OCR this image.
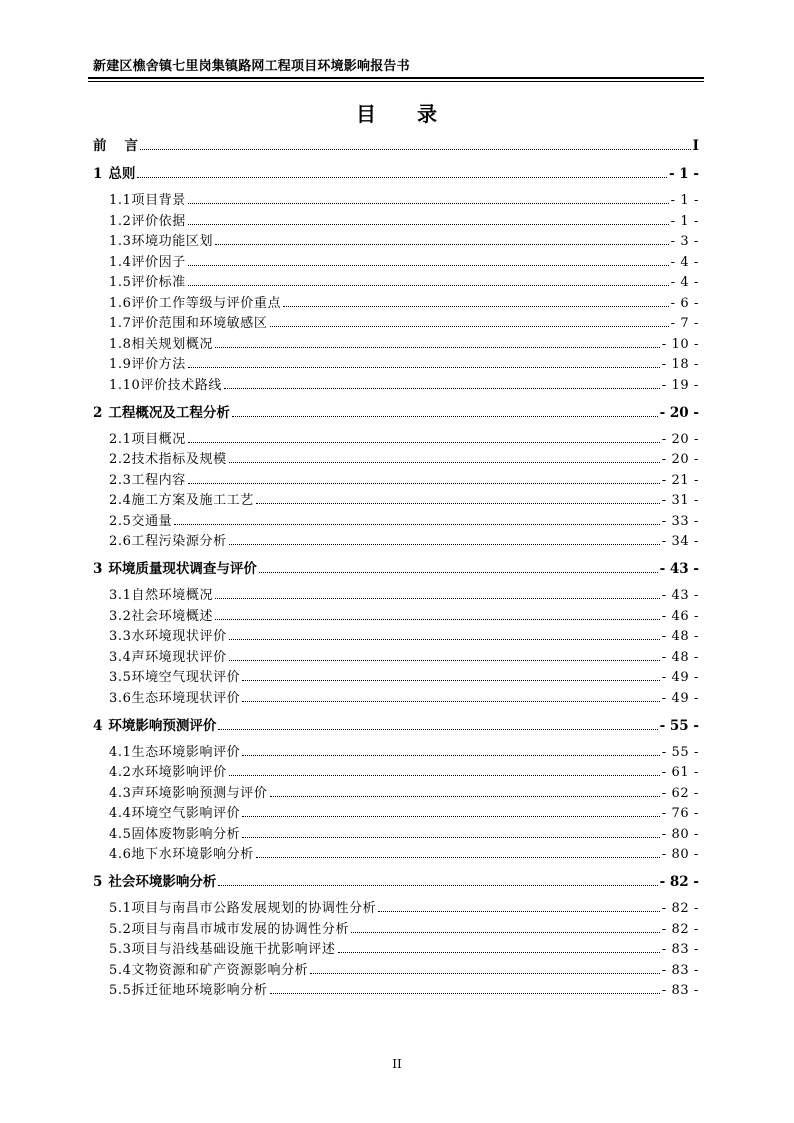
新建区樵舍镇七里岗集镇路网工程项目环境影响报告书
目 录
前 言	I
1 总则	- 1 -
1.1 项目背景	- 1 -
1.2 评价依据	- 1 -
1.3 环境功能区划	- 3 -
1.4 评价因子	- 4 -
1.5 评价标准	- 4 -
1.6 评价工作等级与评价重点	- 6 -
1.7 评价范围和环境敏感区	- 7 -
1.8 相关规划概况	- 10 -
1.9 评价方法	- 18 -
1.10 评价技术路线	- 19 -
2 工程概况及工程分析	- 20 -
2.1 项目概况	- 20 -
2.2 技术指标及规模	- 20 -
2.3 工程内容	- 21 -
2.4 施工方案及施工工艺	- 31 -
2.5 交通量	- 33 -
2.6 工程污染源分析	- 34 -
3 环境质量现状调查与评价	- 43 -
3.1 自然环境概况	- 43 -
3.2 社会环境概述	- 46 -
3.3 水环境现状评价	- 48 -
3.4 声环境现状评价	- 48 -
3.5 环境空气现状评价	- 49 -
3.6 生态环境现状评价	- 49 -
4 环境影响预测评价	- 55 -
4.1 生态环境影响评价	- 55 -
4.2 水环境影响评价	- 61 -
4.3 声环境影响预测与评价	- 62 -
4.4 环境空气影响评价	- 76 -
4.5 固体废物影响分析	- 80 -
4.6 地下水环境影响分析	- 80 -
5 社会环境影响分析	- 82 -
5.1 项目与南昌市公路发展规划的协调性分析	- 82 -
5.2 项目与南昌市城市发展的协调性分析	- 82 -
5.3 项目与沿线基础设施干扰影响评述	- 83 -
5.4 文物资源和矿产资源影响分析	- 83 -
5.5 拆迁征地环境影响分析	- 83 -
II
